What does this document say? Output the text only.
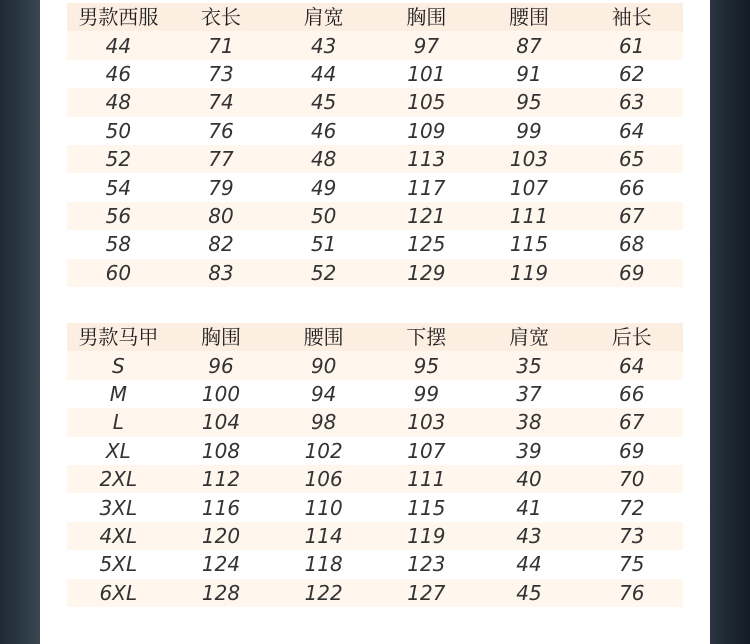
男款西服	衣长	肩宽	胸围	腰围	袖长
44	71	43	97	87	61
46	73	44	101	91	62
48	74	45	105	95	63
50	76	46	109	99	64
52	77	48	113	103	65
54	79	49	117	107	66
56	80	50	121	111	67
58	82	51	125	115	68
60	83	52	129	119	69
男款马甲	胸围	腰围	下摆	肩宽	后长
S	96	90	95	35	64
M	100	94	99	37	66
L	104	98	103	38	67
XL	108	102	107	39	69
2XL	112	106	111	40	70
3XL	116	110	115	41	72
4XL	120	114	119	43	73
5XL	124	118	123	44	75
6XL	128	122	127	45	76
